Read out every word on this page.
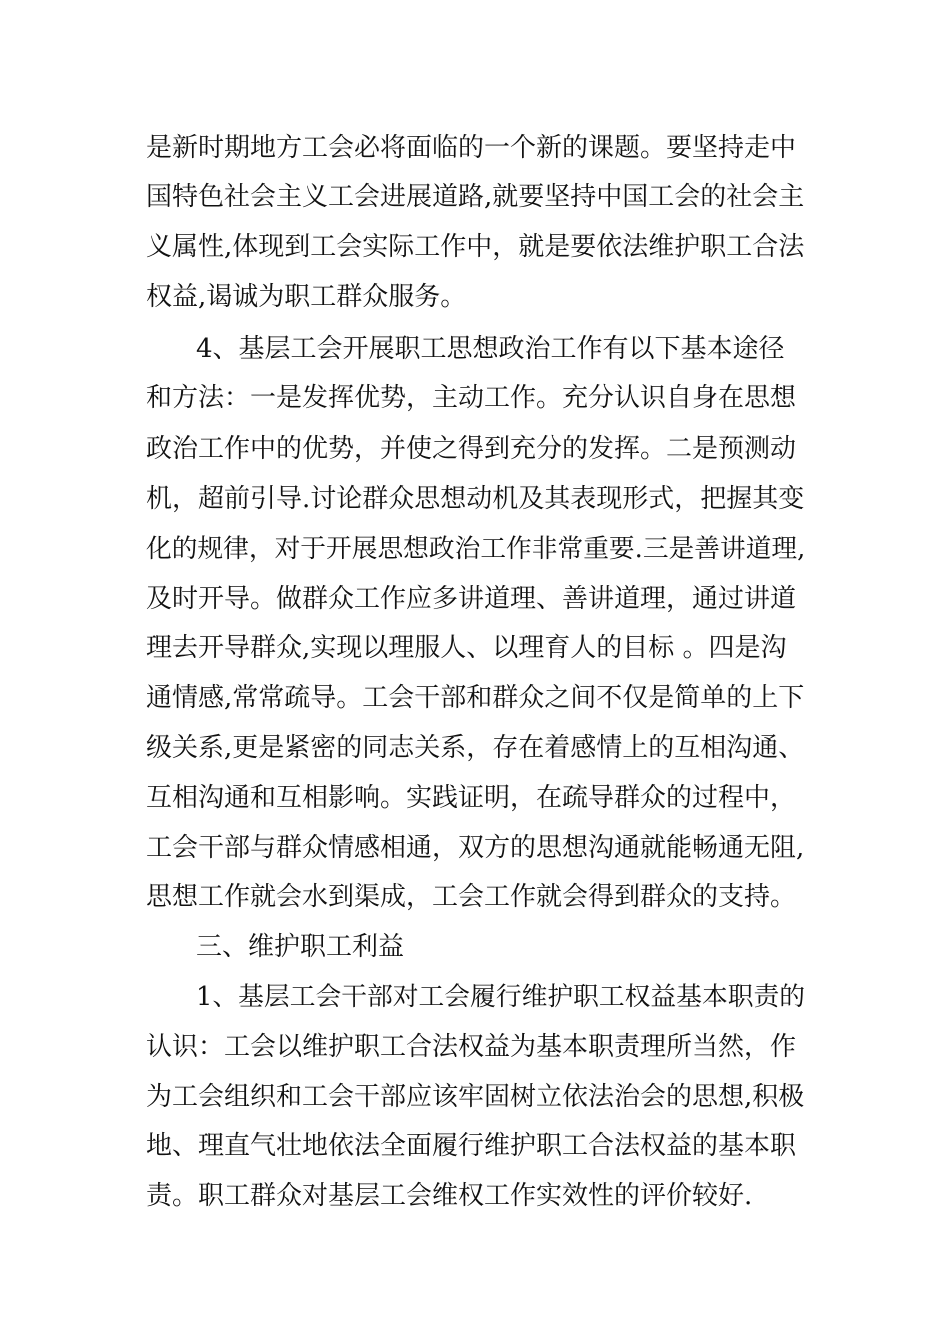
是新时期地方工会必将面临的一个新的课题。要坚持走中
国特色社会主义工会进展道路,就要坚持中国工会的社会主
义属性,体现到工会实际工作中，就是要依法维护职工合法
权益,谒诚为职工群众服务。
4、基层工会开展职工思想政治工作有以下基本途径
和方法：一是发挥优势，主动工作。充分认识自身在思想
政治工作中的优势，并使之得到充分的发挥。二是预测动
机，超前引导.讨论群众思想动机及其表现形式，把握其变
化的规律，对于开展思想政治工作非常重要.三是善讲道理,
及时开导。做群众工作应多讲道理、善讲道理，通过讲道
理去开导群众,实现以理服人、以理育人的目标 。四是沟
通情感,常常疏导。工会干部和群众之间不仅是简单的上下
级关系,更是紧密的同志关系，存在着感情上的互相沟通、
互相沟通和互相影响。实践证明，在疏导群众的过程中，
工会干部与群众情感相通，双方的思想沟通就能畅通无阻,
思想工作就会水到渠成，工会工作就会得到群众的支持。
三、维护职工利益
1、基层工会干部对工会履行维护职工权益基本职责的
认识：工会以维护职工合法权益为基本职责理所当然，作
为工会组织和工会干部应该牢固树立依法治会的思想,积极
地、理直气壮地依法全面履行维护职工合法权益的基本职
责。职工群众对基层工会维权工作实效性的评价较好.
